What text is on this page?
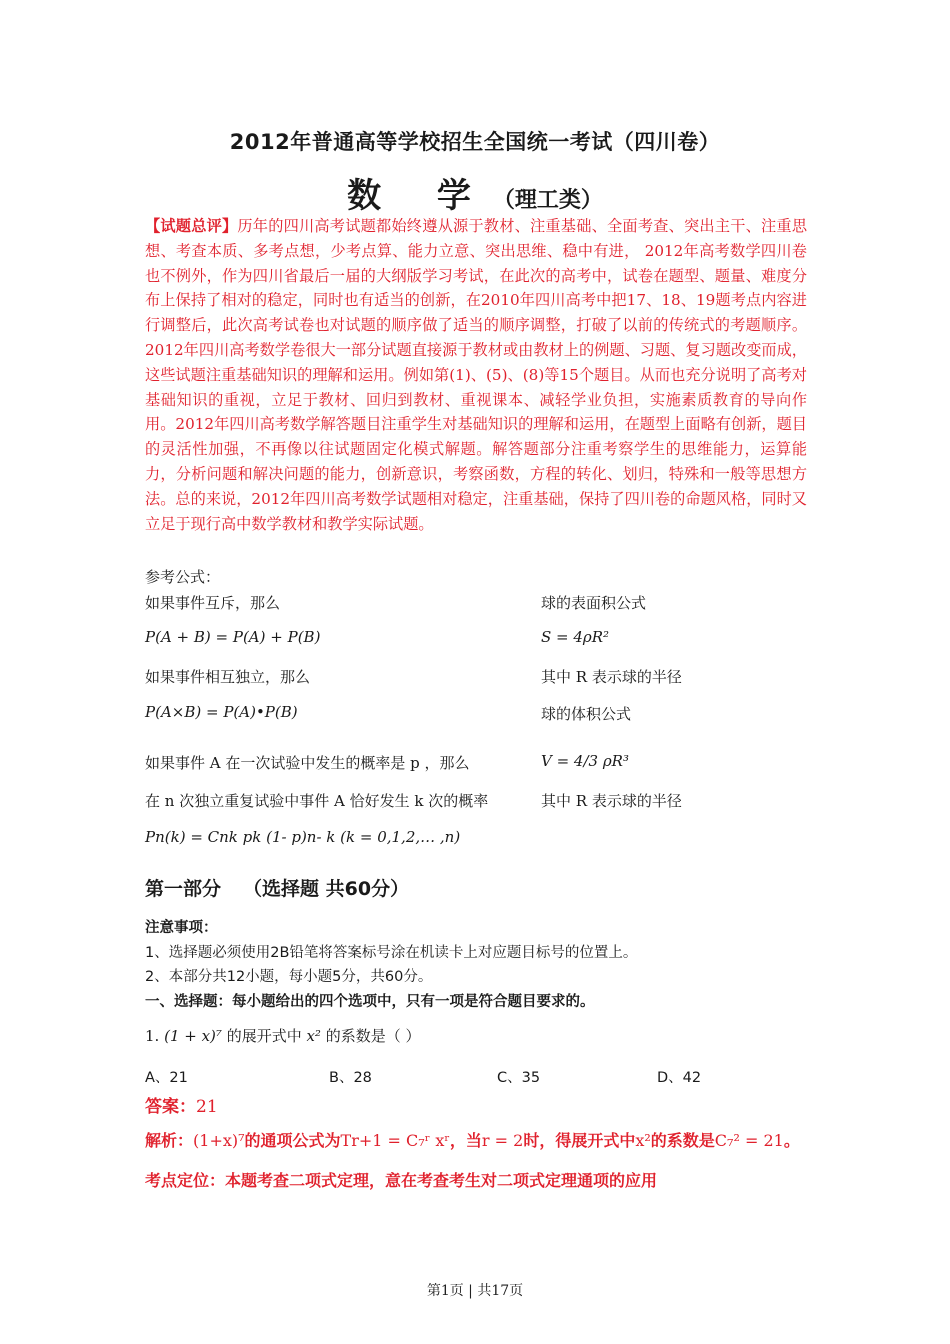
2012年普通高等学校招生全国统一考试（四川卷）
数 学（理工类）
【试题总评】历年的四川高考试题都始终遵从源于教材、注重基础、全面考查、突出主干、注重思想、考查本质、多考点想，少考点算、能力立意、突出思维、稳中有进， 2012年高考数学四川卷也不例外，作为四川省最后一届的大纲版学习考试，在此次的高考中，试卷在题型、题量、难度分布上保持了相对的稳定，同时也有适当的创新，在2010年四川高考中把17、18、19题考点内容进行调整后，此次高考试卷也对试题的顺序做了适当的顺序调整，打破了以前的传统式的考题顺序。2012年四川高考数学卷很大一部分试题直接源于教材或由教材上的例题、习题、复习题改变而成，这些试题注重基础知识的理解和运用。例如第(1)、(5)、(8)等15个题目。从而也充分说明了高考对基础知识的重视，立足于教材、回归到教材、重视课本、减轻学业负担，实施素质教育的导向作用。2012年四川高考数学解答题目注重学生对基础知识的理解和运用，在题型上面略有创新，题目的灵活性加强，不再像以往试题固定化模式解题。解答题部分注重考察学生的思维能力，运算能力，分析问题和解决问题的能力，创新意识，考察函数，方程的转化、划归，特殊和一般等思想方法。总的来说，2012年四川高考数学试题相对稳定，注重基础，保持了四川卷的命题风格，同时又立足于现行高中数学教材和教学实际试题。
参考公式：
如果事件互斥，那么
P(A + B) = P(A) + P(B)
如果事件相互独立，那么
P(A×B) = P(A)•P(B)
如果事件 A 在一次试验中发生的概率是 p ，那么
在 n 次独立重复试验中事件 A 恰好发生 k 次的概率
Pn(k) = Cnk pk (1- p)n- k (k = 0,1,2,… ,n)
球的表面积公式
S = 4ρR²
其中 R 表示球的半径
球的体积公式
V = 4/3 ρR³
其中 R 表示球的半径
第一部分 （选择题 共60分）
注意事项：
1、选择题必须使用2B铅笔将答案标号涂在机读卡上对应题目标号的位置上。
2、本部分共12小题，每小题5分，共60分。
一、选择题：每小题给出的四个选项中，只有一项是符合题目要求的。
1. (1 + x)⁷ 的展开式中 x² 的系数是（ ）
A、21	B、28	C、35	D、42
答案：21
解析：(1+x)⁷的通项公式为Tr+1 = C₇ʳ xʳ，当r = 2时，得展开式中x²的系数是C₇² = 21。
考点定位：本题考查二项式定理，意在考查考生对二项式定理通项的应用
第1页 | 共17页
